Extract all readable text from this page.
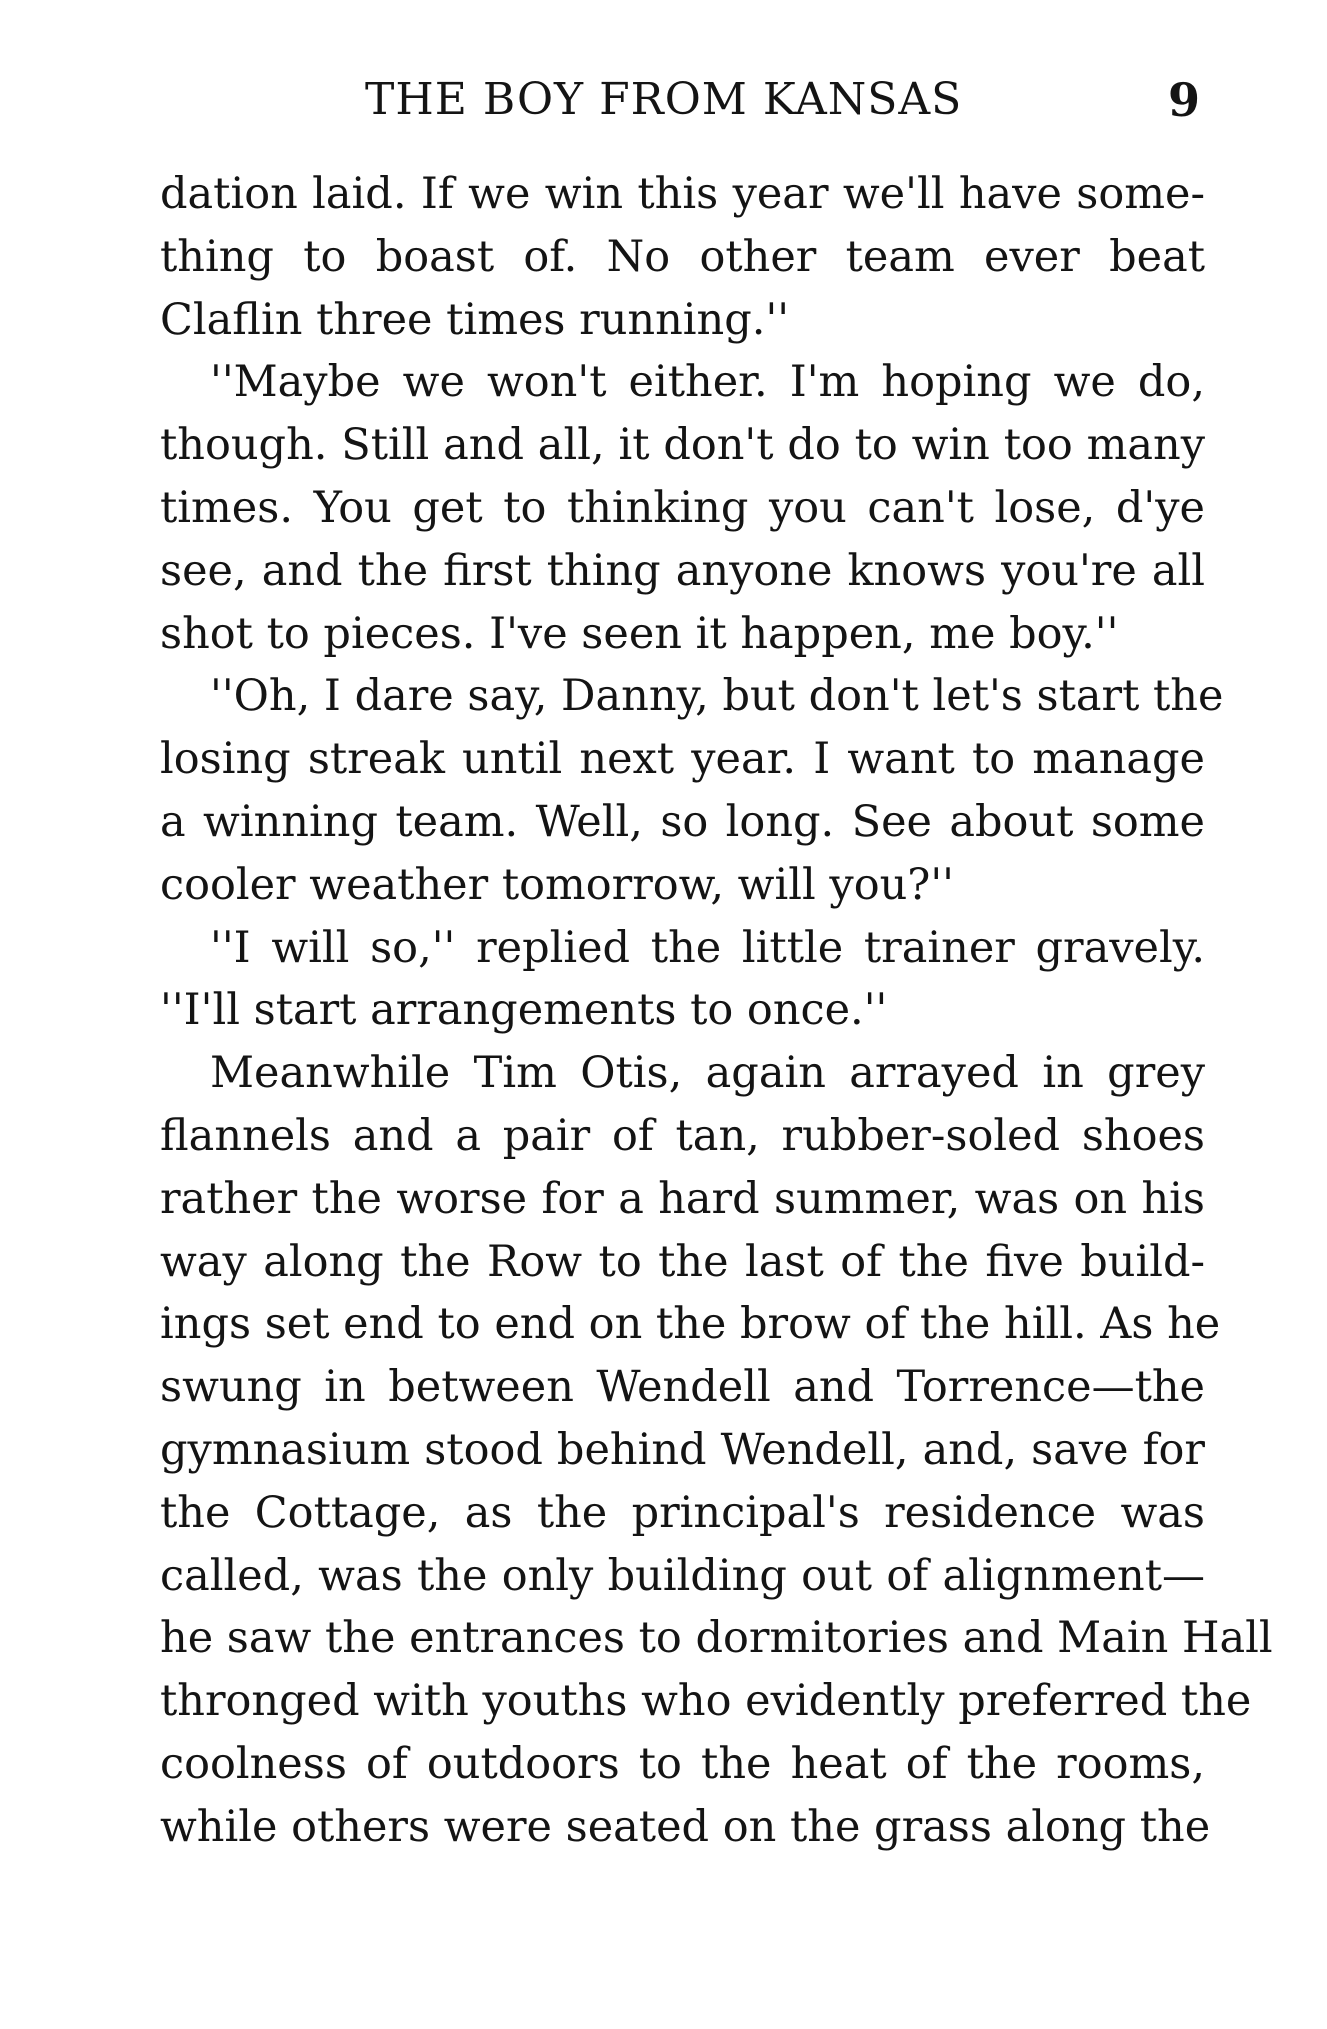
THE BOY FROM KANSAS	9
dation laid. If we win this year we'll have some-
thing to boast of. No other team ever beat
Claflin three times running.''
''Maybe we won't either. I'm hoping we do,
though. Still and all, it don't do to win too many
times. You get to thinking you can't lose, d'ye
see, and the first thing anyone knows you're all
shot to pieces. I've seen it happen, me boy.''
''Oh, I dare say, Danny, but don't let's start the
losing streak until next year. I want to manage
a winning team. Well, so long. See about some
cooler weather tomorrow, will you?''
''I will so,'' replied the little trainer gravely.
''I'll start arrangements to once.''
Meanwhile Tim Otis, again arrayed in grey
flannels and a pair of tan, rubber-soled shoes
rather the worse for a hard summer, was on his
way along the Row to the last of the five build-
ings set end to end on the brow of the hill. As he
swung in between Wendell and Torrence—the
gymnasium stood behind Wendell, and, save for
the Cottage, as the principal's residence was
called, was the only building out of alignment—
he saw the entrances to dormitories and Main Hall
thronged with youths who evidently preferred the
coolness of outdoors to the heat of the rooms,
while others were seated on the grass along the
